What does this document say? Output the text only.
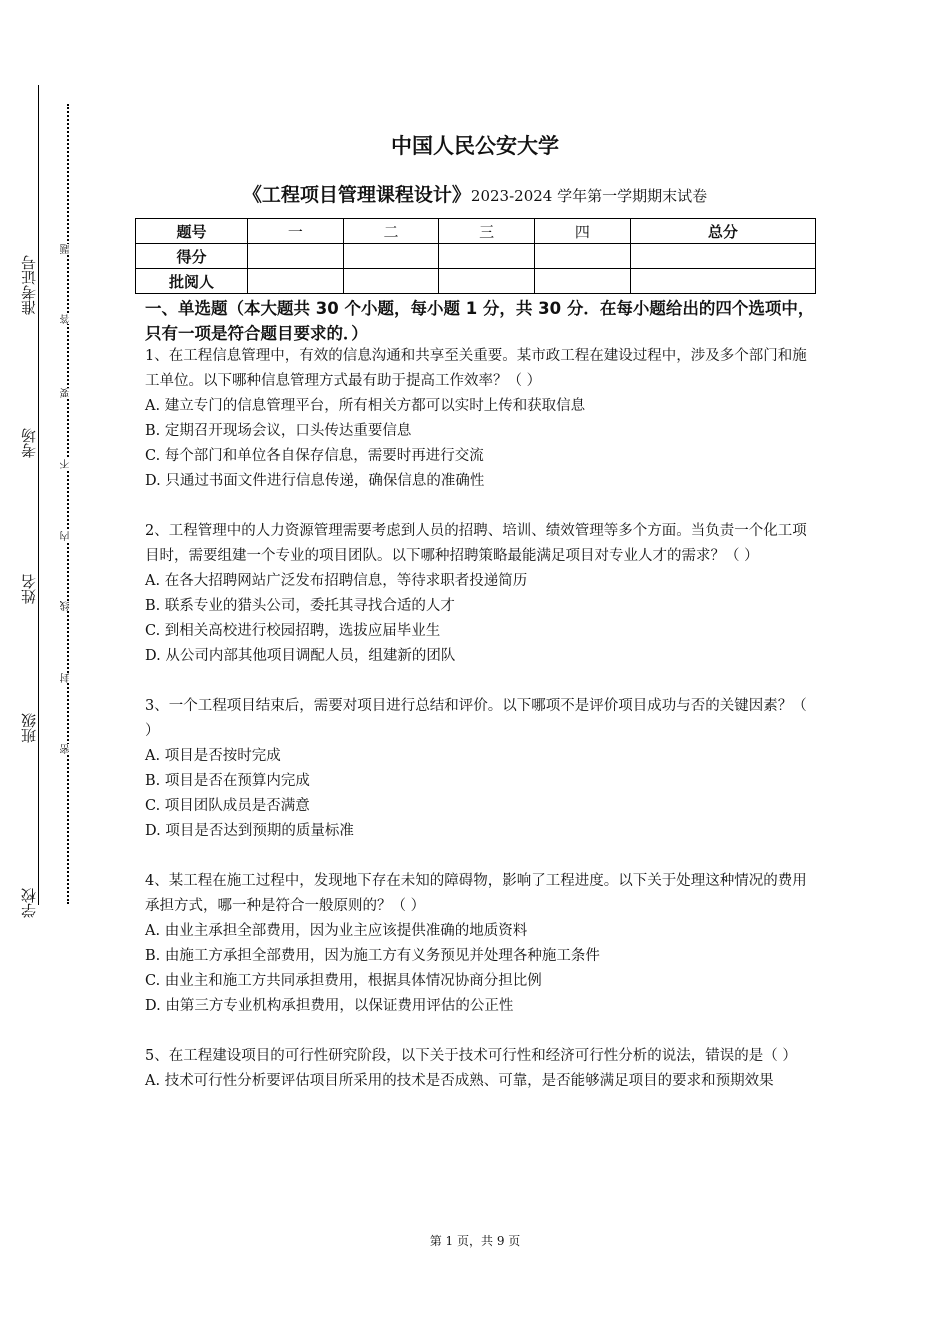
准考证号
考场
姓名
班级
学校
题
答
要
不
内
线
封
密
中国人民公安大学
《工程项目管理课程设计》2023-2024 学年第一学期期末试卷
题号	一	二	三	四	总分
得分					
批阅人					
一、单选题（本大题共 30 个小题，每小题 1 分，共 30 分．在每小题给出的四个选项中，只有一项是符合题目要求的．）

1、在工程信息管理中，有效的信息沟通和共享至关重要。某市政工程在建设过程中，涉及多个部门和施工单位。以下哪种信息管理方式最有助于提高工作效率？（ ）

A. 建立专门的信息管理平台，所有相关方都可以实时上传和获取信息

B. 定期召开现场会议，口头传达重要信息

C. 每个部门和单位各自保存信息，需要时再进行交流

D. 只通过书面文件进行信息传递，确保信息的准确性

2、工程管理中的人力资源管理需要考虑到人员的招聘、培训、绩效管理等多个方面。当负责一个化工项目时，需要组建一个专业的项目团队。以下哪种招聘策略最能满足项目对专业人才的需求？（ ）

A. 在各大招聘网站广泛发布招聘信息，等待求职者投递简历

B. 联系专业的猎头公司，委托其寻找合适的人才

C. 到相关高校进行校园招聘，选拔应届毕业生

D. 从公司内部其他项目调配人员，组建新的团队

3、一个工程项目结束后，需要对项目进行总结和评价。以下哪项不是评价项目成功与否的关键因素？（ ）

A. 项目是否按时完成

B. 项目是否在预算内完成

C. 项目团队成员是否满意

D. 项目是否达到预期的质量标准

4、某工程在施工过程中，发现地下存在未知的障碍物，影响了工程进度。以下关于处理这种情况的费用承担方式，哪一种是符合一般原则的？（ ）

A. 由业主承担全部费用，因为业主应该提供准确的地质资料

B. 由施工方承担全部费用，因为施工方有义务预见并处理各种施工条件

C. 由业主和施工方共同承担费用，根据具体情况协商分担比例

D. 由第三方专业机构承担费用，以保证费用评估的公正性

5、在工程建设项目的可行性研究阶段，以下关于技术可行性和经济可行性分析的说法，错误的是（ ）

A. 技术可行性分析要评估项目所采用的技术是否成熟、可靠，是否能够满足项目的要求和预期效果

第 1 页，共 9 页
